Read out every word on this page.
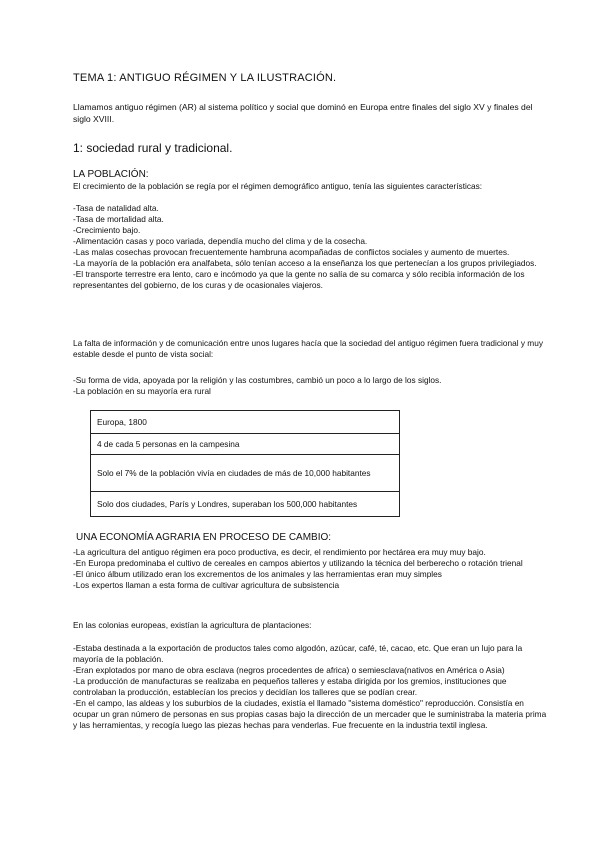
TEMA 1: ANTIGUO RÉGIMEN Y LA ILUSTRACIÓN.

Llamamos antiguo régimen (AR) al sistema político y social que dominó en Europa entre finales del siglo XV y finales del siglo XVIII.

1: sociedad rural y tradicional.

LA POBLACIÓN:

El crecimiento de la población se regía por el régimen demográfico antiguo, tenía las siguientes características:

-Tasa de natalidad alta.

-Tasa de mortalidad alta.

-Crecimiento bajo.

-Alimentación casas y poco variada, dependía mucho del clima y de la cosecha.

-Las malas cosechas provocan frecuentemente hambruna acompañadas de conflictos sociales y aumento de muertes.

-La mayoría de la población era analfabeta, sólo tenían acceso a la enseñanza los que pertenecían a los grupos privilegiados.

-El transporte terrestre era lento, caro e incómodo ya que la gente no salía de su comarca y sólo recibía información de los representantes del gobierno, de los curas y de ocasionales viajeros.

La falta de información y de comunicación entre unos lugares hacía que la sociedad del antiguo régimen fuera tradicional y muy estable desde el punto de vista social:

-Su forma de vida, apoyada por la religión y las costumbres, cambió un poco a lo largo de los siglos.

-La población en su mayoría era rural

Europa, 1800
4 de cada 5 personas en la campesina
Solo el 7% de la población vivía en ciudades de más de 10,000 habitantes
Solo dos ciudades, París y Londres, superaban los 500,000 habitantes

UNA ECONOMÍA AGRARIA EN PROCESO DE CAMBIO:

-La agricultura del antiguo régimen era poco productiva, es decir, el rendimiento por hectárea era muy muy bajo.

-En Europa predominaba el cultivo de cereales en campos abiertos y utilizando la técnica del berberecho o rotación trienal

-El único álbum utilizado eran los excrementos de los animales y las herramientas eran muy simples

-Los expertos llaman a esta forma de cultivar agricultura de subsistencia

En las colonias europeas, existían la agricultura de plantaciones:

-Estaba destinada a la exportación de productos tales como algodón, azúcar, café, té, cacao, etc. Que eran un lujo para la mayoría de la población.

-Eran explotados por mano de obra esclava (negros procedentes de africa) o semiesclava(nativos en América o Asia)

-La producción de manufacturas se realizaba en pequeños talleres y estaba dirigida por los gremios, instituciones que controlaban la producción, establecían los precios y decidían los talleres que se podían crear.

-En el campo, las aldeas y los suburbios de la ciudades, existía el llamado "sistema doméstico" reproducción. Consistía en ocupar un gran número de personas en sus propias casas bajo la dirección de un mercader que le suministraba la materia prima y las herramientas, y recogía luego las piezas hechas para venderlas. Fue frecuente en la industria textil inglesa.
